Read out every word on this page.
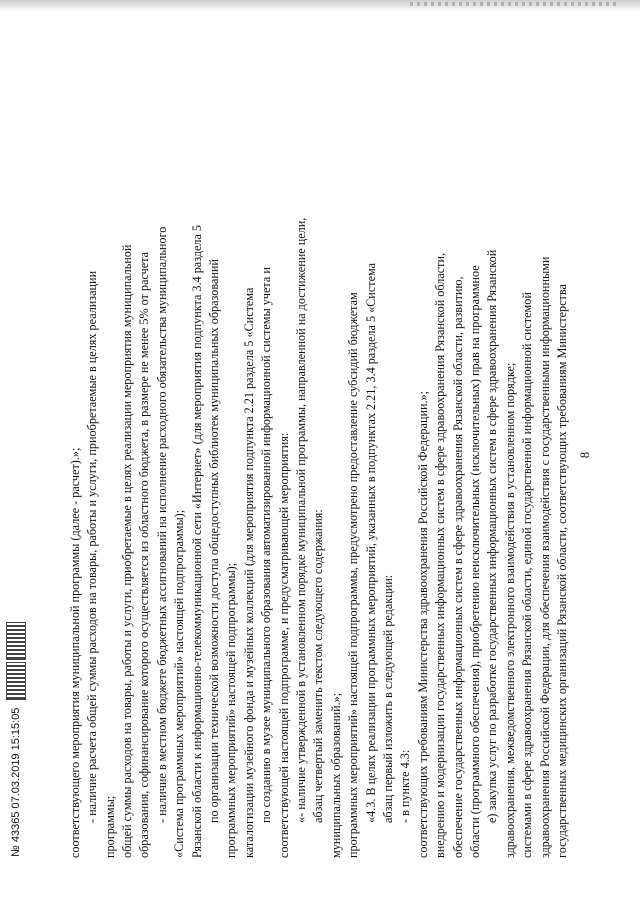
8
государственных медицинских организаций Рязанской области, соответствующих требованиям Министерства
здравоохранения Российской Федерации, для обеспечения взаимодействия с государственными информационными
системами в сфере здравоохранения Рязанской области, единой государственной информационной системой
здравоохранения, межведомственного электронного взаимодействия в установленном порядке;
е) закупка услуг по разработке государственных информационных систем в сфере здравоохранения Рязанской
области (программного обеспечения), приобретению неисключительных (исключительных) прав на программное
обеспечение государственных информационных систем в сфере здравоохранения Рязанской области, развитию,
внедрению и модернизации государственных информационных систем в сфере здравоохранения Рязанской области,
соответствующих требованиям Министерства здравоохранения Российской Федерации.»;
- в пункте 4.3:
абзац первый изложить в следующей редакции:
«4.3. В целях реализации программных мероприятий, указанных в подпунктах 2.21, 3.4 раздела 5 «Система
программных мероприятий» настоящей подпрограммы, предусмотрено предоставление субсидий бюджетам
муниципальных образований.»;
абзац четвертый заменить текстом следующего содержания:
«- наличие утвержденной в установленном порядке муниципальной программы, направленной на достижение цели,
соответствующей настоящей подпрограмме, и предусматривающей мероприятия:
по созданию в музее муниципального образования автоматизированной информационной системы учета и
каталогизации музейного фонда и музейных коллекций (для мероприятия подпункта 2.21 раздела 5 «Система
программных мероприятий» настоящей подпрограммы);
по организации технической возможности доступа общедоступных библиотек муниципальных образований
Рязанской области к информационно-телекоммуникационной сети «Интернет» (для мероприятия подпункта 3.4 раздела 5
«Система программных мероприятий» настоящей подпрограммы);
- наличие в местном бюджете бюджетных ассигнований на исполнение расходного обязательства муниципального
образования, софинансирование которого осуществляется из областного бюджета, в размере не менее 5% от расчета
общей суммы расходов на товары, работы и услуги, приобретаемые в целях реализации мероприятия муниципальной
программы;
- наличие расчета общей суммы расходов на товары, работы и услуги, приобретаемые в целях реализации
соответствующего мероприятия муниципальной программы (далее - расчет).»;
№ 43365 07.03.2019 15:15:05
